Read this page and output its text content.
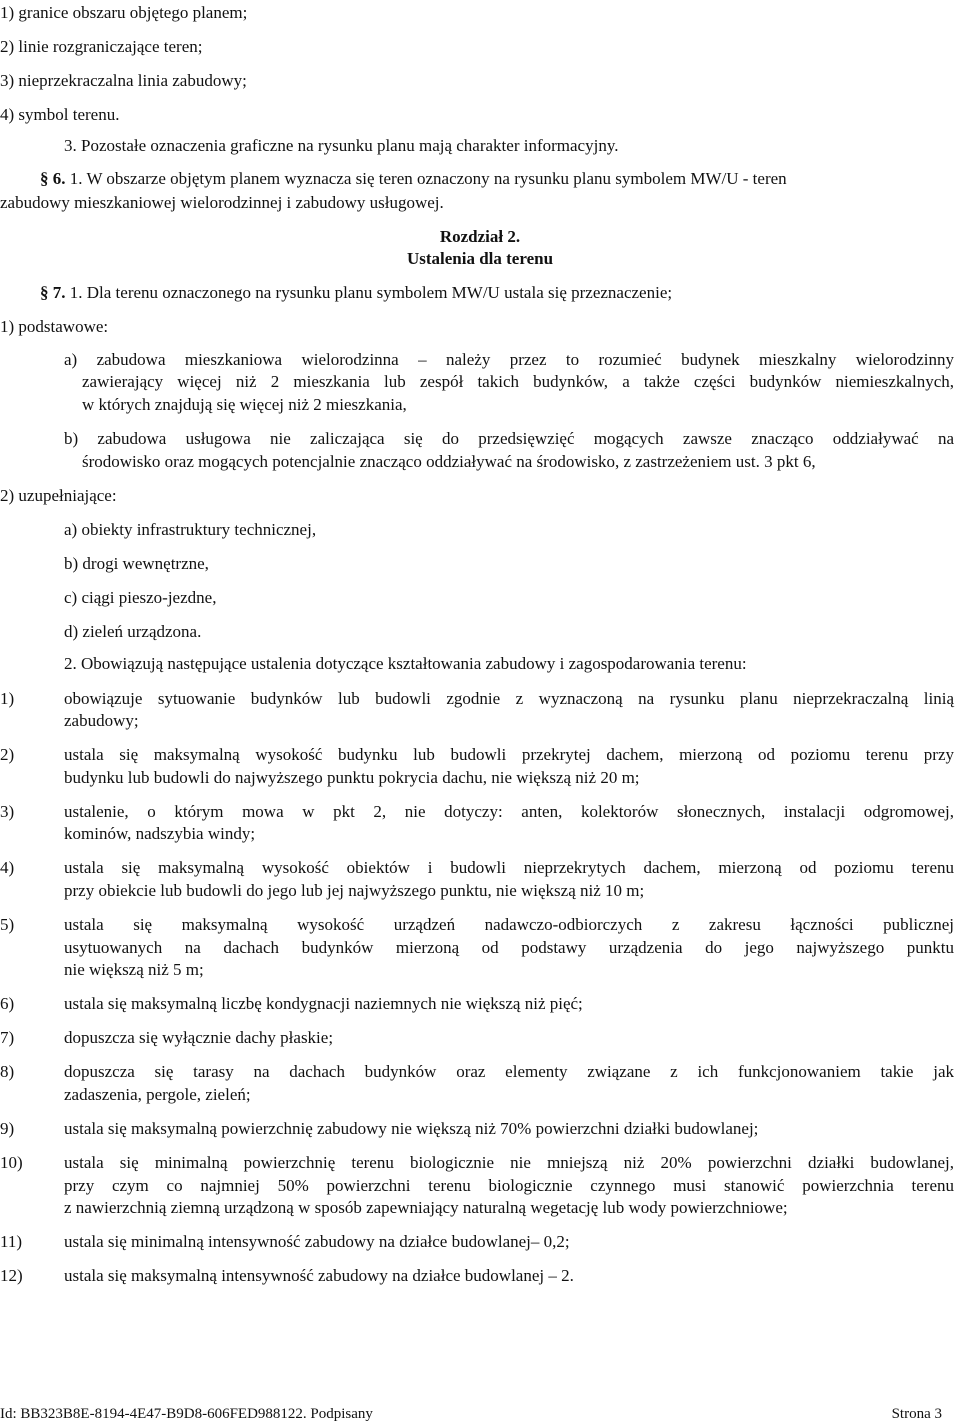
1) granice obszaru objętego planem;
2) linie rozgraniczające teren;
3) nieprzekraczalna linia zabudowy;
4) symbol terenu.
3. Pozostałe oznaczenia graficzne na rysunku planu mają charakter informacyjny.
§ 6. 1. W obszarze objętym planem wyznacza się teren oznaczony na rysunku planu symbolem MW/U - teren
zabudowy mieszkaniowej wielorodzinnej i zabudowy usługowej.
Rozdział 2.
Ustalenia dla terenu
§ 7. 1. Dla terenu oznaczonego na rysunku planu symbolem MW/U ustala się przeznaczenie;
1) podstawowe:
a) zabudowa mieszkaniowa wielorodzinna – należy przez to rozumieć budynek mieszkalny wielorodzinny
zawierający więcej niż 2 mieszkania lub zespół takich budynków, a także części budynków niemieszkalnych,
w których znajdują się więcej niż 2 mieszkania,
b) zabudowa usługowa nie zaliczająca się do przedsięwzięć mogących zawsze znacząco oddziaływać na
środowisko oraz mogących potencjalnie znacząco oddziaływać na środowisko, z zastrzeżeniem ust. 3 pkt 6,
2) uzupełniające:
a) obiekty infrastruktury technicznej,
b) drogi wewnętrzne,
c) ciągi pieszo-jezdne,
d) zieleń urządzona.
2. Obowiązują następujące ustalenia dotyczące kształtowania zabudowy i zagospodarowania terenu:
1)	obowiązuje sytuowanie budynków lub budowli zgodnie z wyznaczoną na rysunku planu nieprzekraczalną linią
zabudowy;
2)	ustala się maksymalną wysokość budynku lub budowli przekrytej dachem, mierzoną od poziomu terenu przy
budynku lub budowli do najwyższego punktu pokrycia dachu, nie większą niż 20 m;
3)	ustalenie, o którym mowa w pkt 2, nie dotyczy: anten, kolektorów słonecznych, instalacji odgromowej,
kominów, nadszybia windy;
4)	ustala się maksymalną wysokość obiektów i budowli nieprzekrytych dachem, mierzoną od poziomu terenu
przy obiekcie lub budowli do jego lub jej najwyższego punktu, nie większą niż 10 m;
5)	ustala się maksymalną wysokość urządzeń nadawczo-odbiorczych z zakresu łączności publicznej
usytuowanych na dachach budynków mierzoną od podstawy urządzenia do jego najwyższego punktu
nie większą niż 5 m;
6)	ustala się maksymalną liczbę kondygnacji naziemnych nie większą niż pięć;
7)	dopuszcza się wyłącznie dachy płaskie;
8)	dopuszcza się tarasy na dachach budynków oraz elementy związane z ich funkcjonowaniem takie jak
zadaszenia, pergole, zieleń;
9)	ustala się maksymalną powierzchnię zabudowy nie większą niż 70% powierzchni działki budowlanej;
10) ustala się minimalną powierzchnię terenu biologicznie nie mniejszą niż 20% powierzchni działki budowlanej,
przy czym co najmniej 50% powierzchni terenu biologicznie czynnego musi stanowić powierzchnia terenu
z nawierzchnią ziemną urządzoną w sposób zapewniający naturalną wegetację lub wody powierzchniowe;
11) ustala się minimalną intensywność zabudowy na działce budowlanej– 0,2;
12) ustala się maksymalną intensywność zabudowy na działce budowlanej – 2.
Id: BB323B8E-8194-4E47-B9D8-606FED988122. Podpisany	Strona 3
